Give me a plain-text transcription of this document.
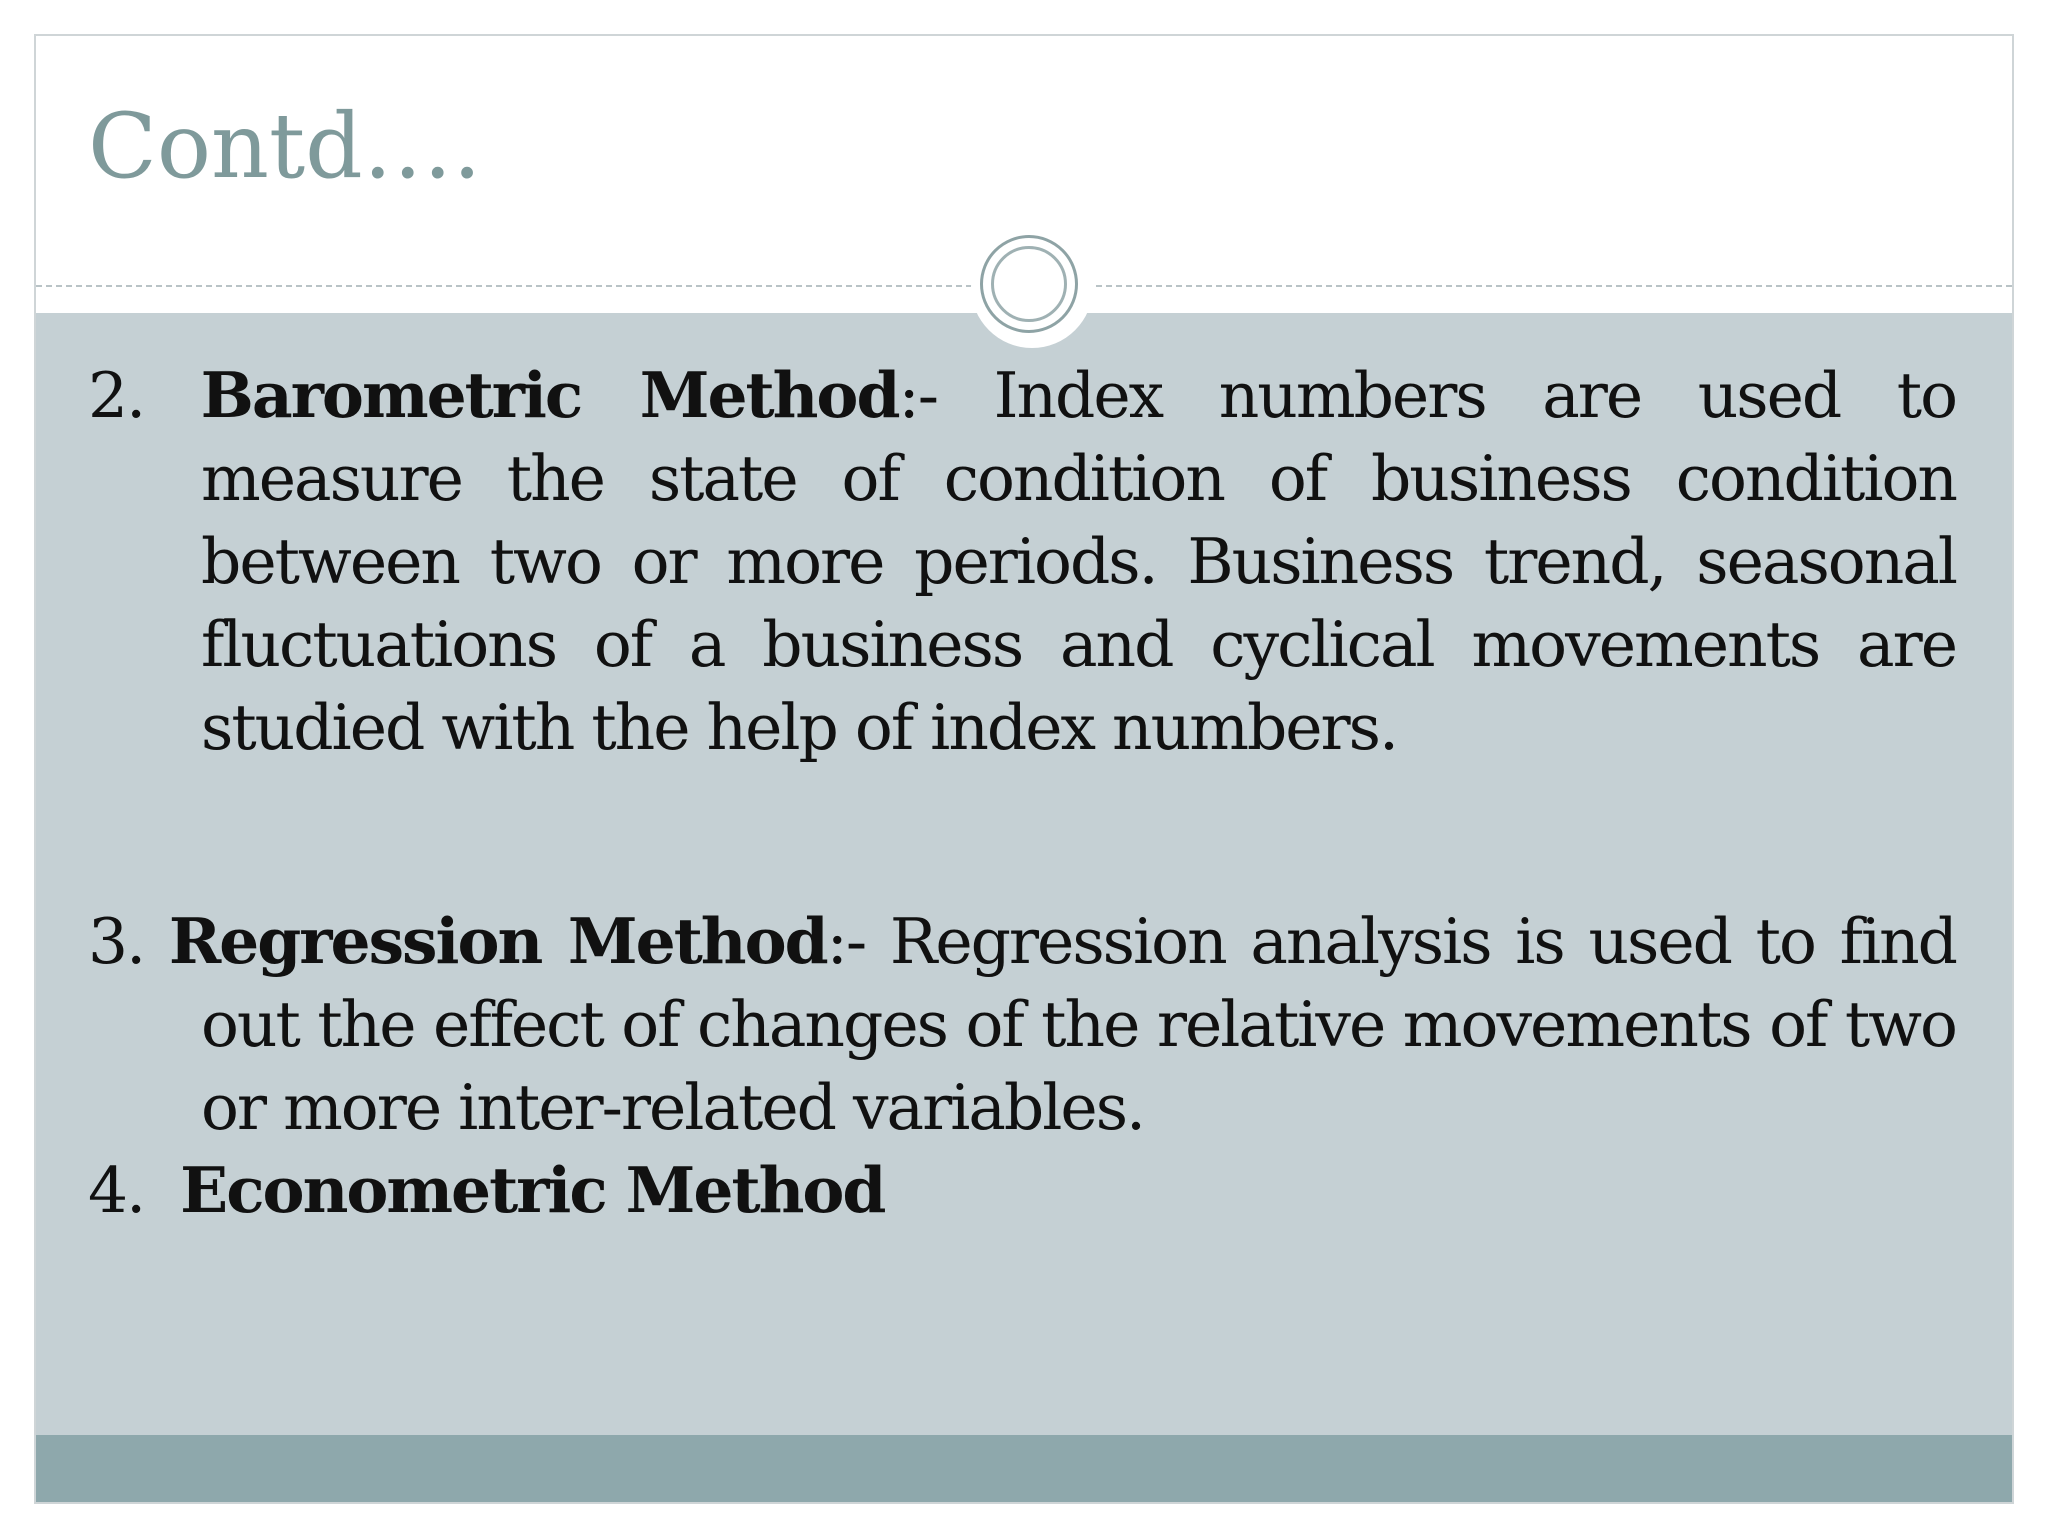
Contd….

2. Barometric Method:- Index numbers are used to measure the state of condition of business condition between two or more periods. Business trend, seasonal fluctuations of a business and cyclical movements are studied with the help of index numbers.

3. Regression Method:- Regression analysis is used to find out the effect of changes of the relative movements of two or more inter-related variables.

4. Econometric Method
